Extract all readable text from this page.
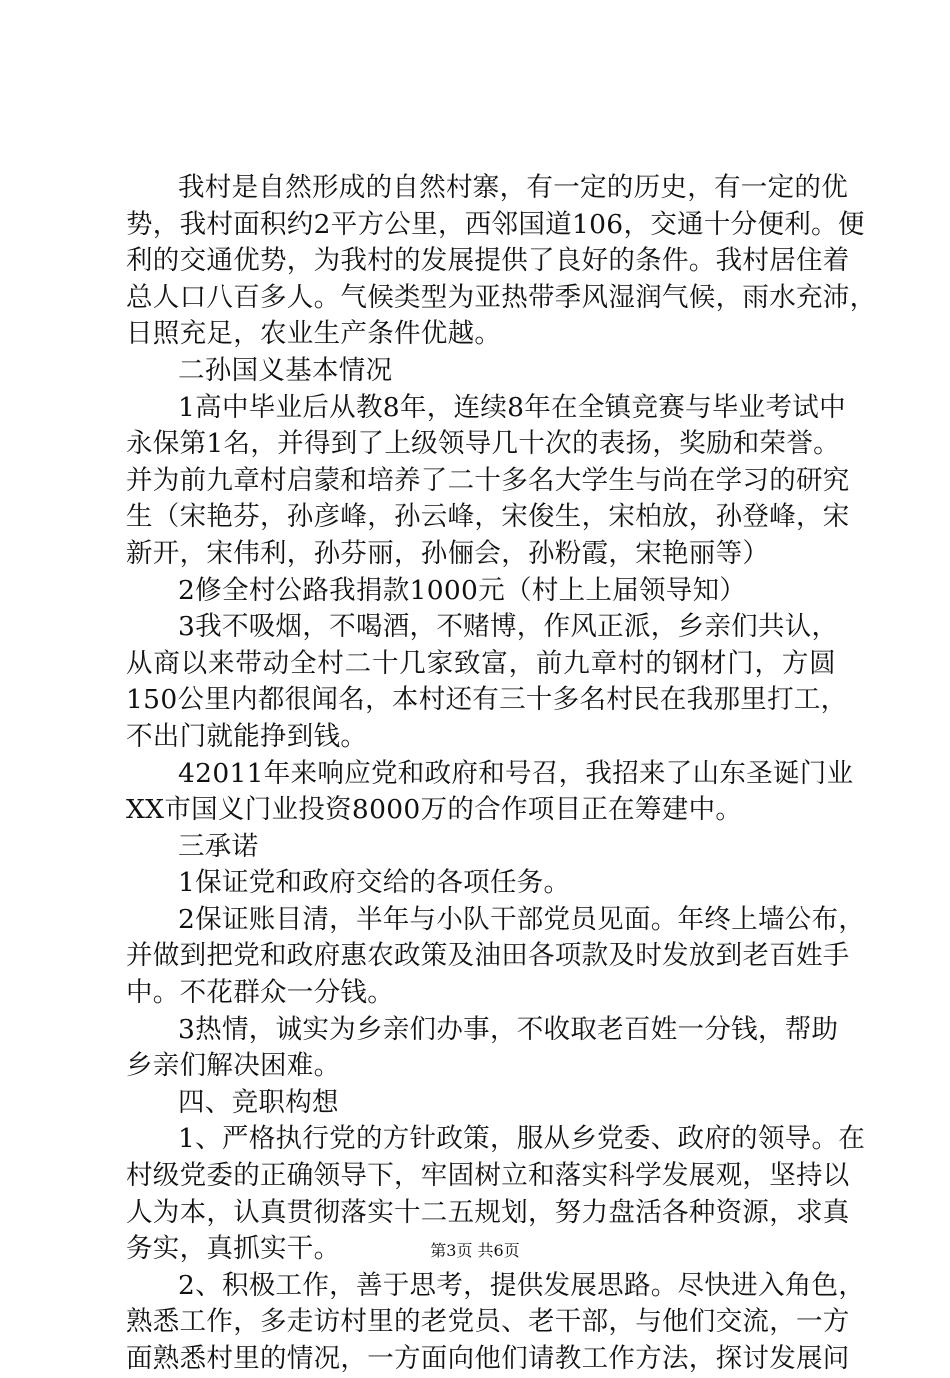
我村是自然形成的自然村寨，有一定的历史，有一定的优
势，我村面积约2平方公里，西邻国道106，交通十分便利。便
利的交通优势，为我村的发展提供了良好的条件。我村居住着
总人口八百多人。气候类型为亚热带季风湿润气候，雨水充沛，
日照充足，农业生产条件优越。
二孙国义基本情况
1高中毕业后从教8年，连续8年在全镇竞赛与毕业考试中
永保第1名，并得到了上级领导几十次的表扬，奖励和荣誉。
并为前九章村启蒙和培养了二十多名大学生与尚在学习的研究
生（宋艳芬，孙彦峰，孙云峰，宋俊生，宋柏放，孙登峰，宋
新开，宋伟利，孙芬丽，孙俪会，孙粉霞，宋艳丽等）
2修全村公路我捐款1000元（村上上届领导知）
3我不吸烟，不喝酒，不赌博，作风正派，乡亲们共认，
从商以来带动全村二十几家致富，前九章村的钢材门，方圆
150公里内都很闻名，本村还有三十多名村民在我那里打工，
不出门就能挣到钱。
42011年来响应党和政府和号召，我招来了山东圣诞门业
XX市国义门业投资8000万的合作项目正在筹建中。
三承诺
1保证党和政府交给的各项任务。
2保证账目清，半年与小队干部党员见面。年终上墙公布，
并做到把党和政府惠农政策及油田各项款及时发放到老百姓手
中。不花群众一分钱。
3热情，诚实为乡亲们办事，不收取老百姓一分钱，帮助
乡亲们解决困难。
四、竞职构想
1、严格执行党的方针政策，服从乡党委、政府的领导。在
村级党委的正确领导下，牢固树立和落实科学发展观，坚持以
人为本，认真贯彻落实十二五规划，努力盘活各种资源，求真
务实，真抓实干。
2、积极工作，善于思考，提供发展思路。尽快进入角色，
熟悉工作，多走访村里的老党员、老干部，与他们交流，一方
面熟悉村里的情况，一方面向他们请教工作方法，探讨发展问
第3页 共6页
